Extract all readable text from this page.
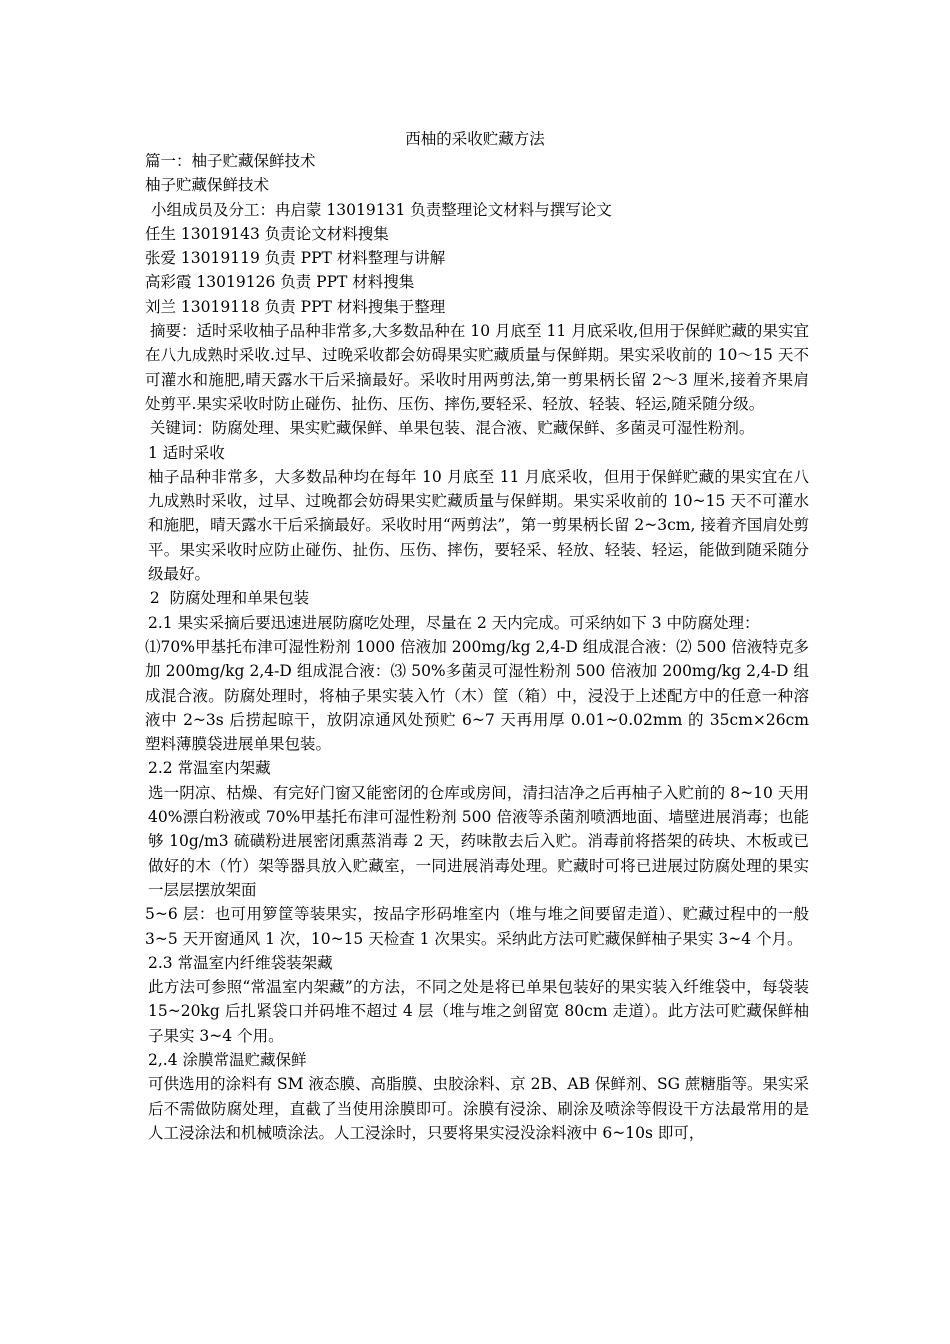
西柚的采收贮藏方法

篇一：柚子贮藏保鲜技术

柚子贮藏保鲜技术

小组成员及分工：冉启蒙 13019131 负责整理论文材料与撰写论文

任生 13019143 负责论文材料搜集

张爱 13019119 负责 PPT 材料整理与讲解

高彩霞 13019126 负责 PPT 材料搜集

刘兰 13019118 负责 PPT 材料搜集于整理

摘要：适时采收柚子品种非常多,大多数品种在 10 月底至 11 月底采收,但用于保鲜贮藏的果实宜在八九成熟时采收.过早、过晚采收都会妨碍果实贮藏质量与保鲜期。果实采收前的 10～15 天不可灌水和施肥,晴天露水干后采摘最好。采收时用两剪法,第一剪果柄长留 2～3 厘米,接着齐果肩处剪平.果实采收时防止碰伤、扯伤、压伤、摔伤,要轻采、轻放、轻装、轻运,随采随分级。

关键词：防腐处理、果实贮藏保鲜、单果包装、混合液、贮藏保鲜、多菌灵可湿性粉剂。

1 适时采收

柚子品种非常多，大多数品种均在每年 10 月底至 11 月底采收，但用于保鲜贮藏的果实宜在八九成熟时采收，过早、过晚都会妨碍果实贮藏质量与保鲜期。果实采收前的 10~15 天不可灌水和施肥，晴天露水干后采摘最好。采收时用“两剪法”，第一剪果柄长留 2~3cm, 接着齐国肩处剪平。果实采收时应防止碰伤、扯伤、压伤、摔伤，要轻采、轻放、轻装、轻运，能做到随采随分级最好。

2  防腐处理和单果包装

2.1 果实采摘后要迅速进展防腐吃处理，尽量在 2 天内完成。可采纳如下 3 中防腐处理：

⑴70%甲基托布津可湿性粉剂 1000 倍液加 200mg/kg 2,4-D 组成混合液：⑵ 500 倍液特克多加 200mg/kg 2,4-D 组成混合液：⑶ 50%多菌灵可湿性粉剂 500 倍液加 200mg/kg 2,4-D 组成混合液。防腐处理时，将柚子果实装入竹（木）筐（箱）中，浸没于上述配方中的任意一种溶液中 2~3s 后捞起晾干，放阴凉通风处预贮 6~7 天再用厚 0.01~0.02mm 的 35cm×26cm 塑料薄膜袋进展单果包装。

2.2 常温室内架藏

选一阴凉、枯燥、有完好门窗又能密闭的仓库或房间，清扫洁净之后再柚子入贮前的 8~10 天用 40%漂白粉液或 70%甲基托布津可湿性粉剂 500 倍液等杀菌剂喷洒地面、墙壁进展消毒；也能够 10g/m3 硫磺粉进展密闭熏蒸消毒 2 天，药味散去后入贮。消毒前将搭架的砖块、木板或已做好的木（竹）架等器具放入贮藏室，一同进展消毒处理。贮藏时可将已进展过防腐处理的果实一层层摆放架面

5~6 层：也可用箩筐等装果实，按品字形码堆室内（堆与堆之间要留走道）、贮藏过程中的一般 3~5 天开窗通风 1 次，10~15 天检查 1 次果实。采纳此方法可贮藏保鲜柚子果实 3~4 个月。

2.3 常温室内纤维袋装架藏

此方法可参照“常温室内架藏”的方法，不同之处是将已单果包装好的果实装入纤维袋中，每袋装 15~20kg 后扎紧袋口并码堆不超过 4 层（堆与堆之剑留宽 80cm 走道）。此方法可贮藏保鲜柚子果实 3~4 个用。

2,.4 涂膜常温贮藏保鲜

可供选用的涂料有 SM 液态膜、高脂膜、虫胶涂料、京 2B、AB 保鲜剂、SG 蔗糖脂等。果实采后不需做防腐处理，直截了当使用涂膜即可。涂膜有浸涂、刷涂及喷涂等假设干方法最常用的是人工浸涂法和机械喷涂法。人工浸涂时，只要将果实浸没涂料液中 6~10s 即可，
